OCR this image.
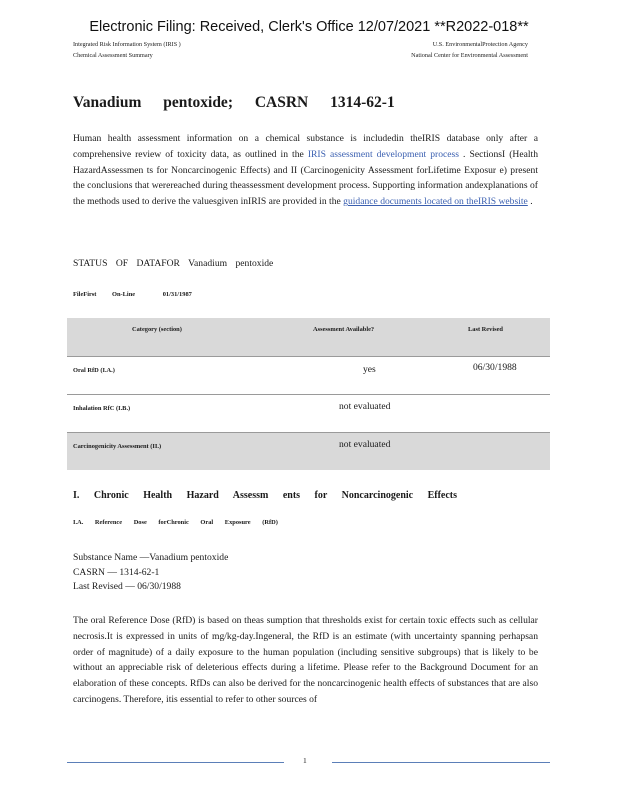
Electronic Filing: Received, Clerk's Office 12/07/2021 **R2022-018**
Integrated Risk Information System (IRIS )
Chemical Assessment Summary
U.S. EnvironmentalProtection Agency
National Center for Environmental Assessment
Vanadium pentoxide; CASRN 1314-62-1
Human health assessment information on a chemical substance is includedin theIRIS database only after a comprehensive review of toxicity data, as outlined in the IRIS assessment development process . SectionsI (Health HazardAssessmen ts for Noncarcinogenic Effects) and II (Carcinogenicity Assessment forLifetime Exposur e) present the conclusions that werereached during theassessment development process. Supporting information andexplanations of the methods used to derive the valuesgiven inIRIS are provided in the guidance documents located on theIRIS website .
STATUS OF DATAFOR Vanadium pentoxide
FileFirst On-Line	01/31/1987
Category (section)	Assessment Available?	Last Revised
Oral RfD (I.A.)	yes	06/30/1988
Inhalation RfC (I.B.)	not evaluated
Carcinogenicity Assessment (II.)	not evaluated
I. Chronic Health Hazard Assessm ents for Noncarcinogenic Effects
I.A. Reference Dose forChronic Oral Exposure (RfD)
Substance Name —Vanadium pentoxide
CASRN — 1314-62-1
Last Revised — 06/30/1988
The oral Reference Dose (RfD) is based on theas sumption that thresholds exist for certain toxic effects such as cellular necrosis.It is expressed in units of mg/kg-day.Ingeneral, the RfD is an estimate (with uncertainty spanning perhapsan order of magnitude) of a daily exposure to the human population (including sensitive subgroups) that is likely to be without an appreciable risk of deleterious effects during a lifetime. Please refer to the Background Document for an elaboration of these concepts. RfDs can also be derived for the noncarcinogenic health effects of substances that are also carcinogens. Therefore, itis essential to refer to other sources of
1
